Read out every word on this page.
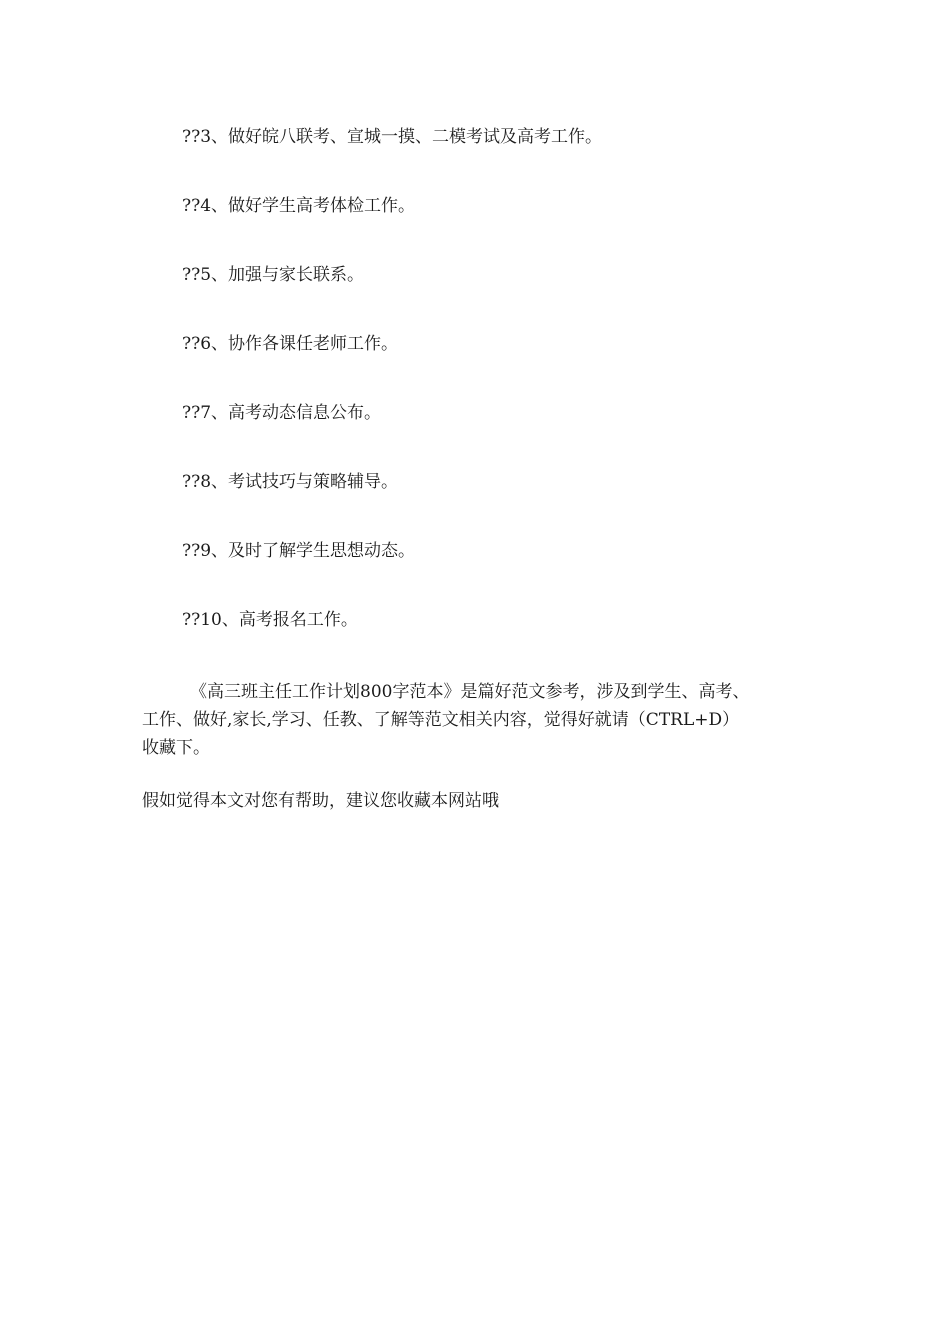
??3、做好皖八联考、宣城一摸、二模考试及高考工作。
??4、做好学生高考体检工作。
??5、加强与家长联系。
??6、协作各课任老师工作。
??7、高考动态信息公布。
??8、考试技巧与策略辅导。
??9、及时了解学生思想动态。
??10、高考报名工作。
《高三班主任工作计划800字范本》是篇好范文参考，涉及到学生、高考、
工作、做好,家长,学习、任教、了解等范文相关内容，觉得好就请（CTRL+D）
收藏下。
假如觉得本文对您有帮助，建议您收藏本网站哦
